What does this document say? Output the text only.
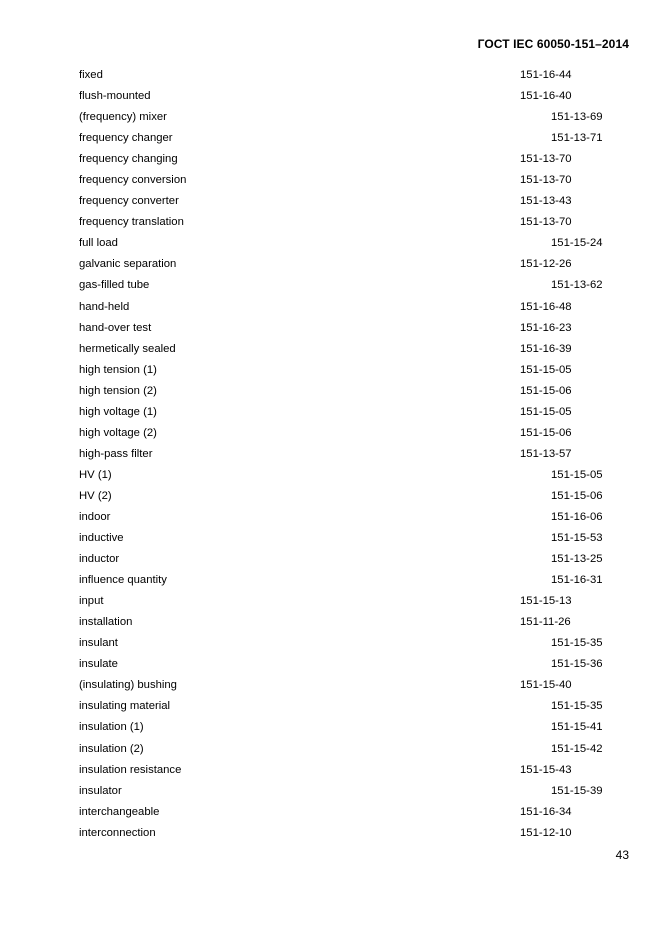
ГОСТ IEC 60050-151–2014
fixed	151-16-44
flush-mounted	151-16-40
(frequency) mixer	151-13-69
frequency changer	151-13-71
frequency changing	151-13-70
frequency conversion	151-13-70
frequency converter	151-13-43
frequency translation	151-13-70
full load	151-15-24
galvanic separation	151-12-26
gas-filled tube	151-13-62
hand-held	151-16-48
hand-over test	151-16-23
hermetically sealed	151-16-39
high tension (1)	151-15-05
high tension (2)	151-15-06
high voltage (1)	151-15-05
high voltage (2)	151-15-06
high-pass filter	151-13-57
HV (1)	151-15-05
HV (2)	151-15-06
indoor	151-16-06
inductive	151-15-53
inductor	151-13-25
influence quantity	151-16-31
input	151-15-13
installation	151-11-26
insulant	151-15-35
insulate	151-15-36
(insulating) bushing	151-15-40
insulating material	151-15-35
insulation (1)	151-15-41
insulation (2)	151-15-42
insulation resistance	151-15-43
insulator	151-15-39
interchangeable	151-16-34
interconnection	151-12-10
43
